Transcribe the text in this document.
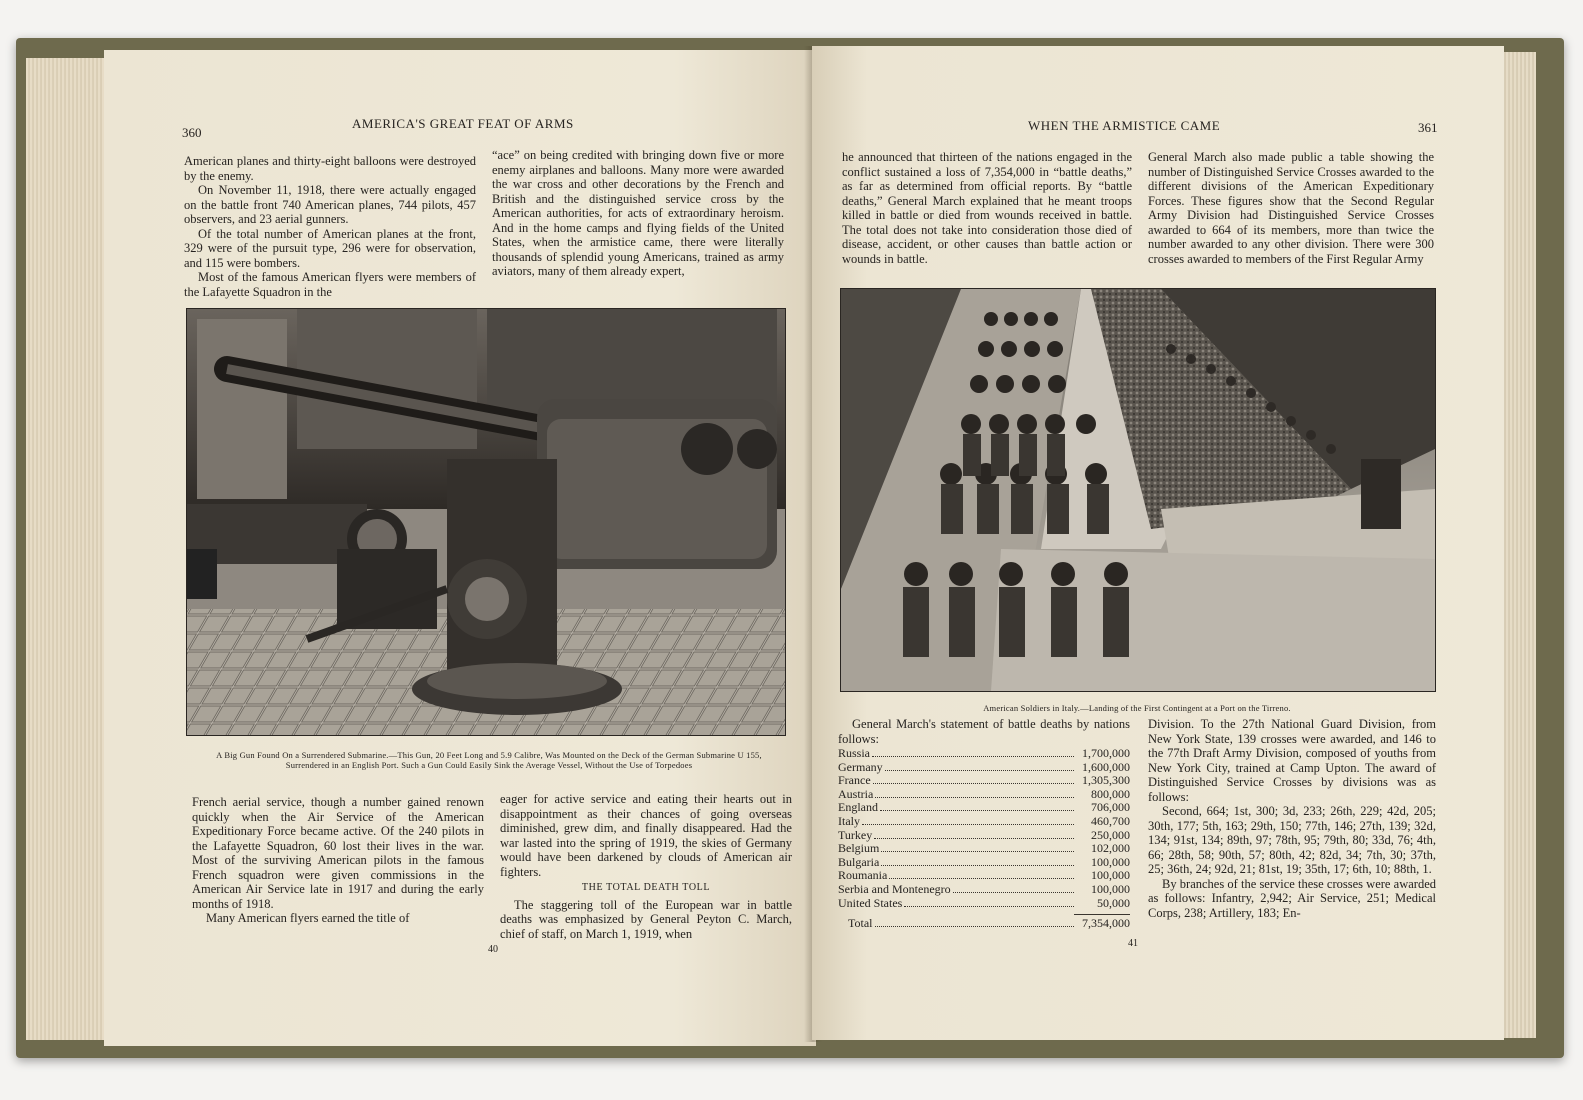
360
AMERICA'S GREAT FEAT OF ARMS

American planes and thirty-eight balloons were destroyed by the enemy.

On November 11, 1918, there were actually engaged on the battle front 740 American planes, 744 pilots, 457 observers, and 23 aerial gunners.

Of the total number of American planes at the front, 329 were of the pursuit type, 296 were for observation, and 115 were bombers.

Most of the famous American flyers were members of the Lafayette Squadron in the

“ace” on being credited with bringing down five or more enemy airplanes and balloons. Many more were awarded the war cross and other decorations by the French and British and the distinguished service cross by the American authorities, for acts of extraordinary heroism. And in the home camps and flying fields of the United States, when the armistice came, there were literally thousands of splendid young Americans, trained as army aviators, many of them already expert,

A Big Gun Found On a Surrendered Submarine.—This Gun, 20 Feet Long and 5.9 Calibre, Was Mounted on the Deck of the German Submarine U 155, Surrendered in an English Port. Such a Gun Could Easily Sink the Average Vessel, Without the Use of Torpedoes

French aerial service, though a number gained renown quickly when the Air Service of the American Expeditionary Force became active. Of the 240 pilots in the Lafayette Squadron, 60 lost their lives in the war. Most of the surviving American pilots in the famous French squadron were given commissions in the American Air Service late in 1917 and during the early months of 1918.

Many American flyers earned the title of

eager for active service and eating their hearts out in disappointment as their chances of going overseas diminished, grew dim, and finally disappeared. Had the war lasted into the spring of 1919, the skies of Germany would have been darkened by clouds of American air fighters.

THE TOTAL DEATH TOLL

The staggering toll of the European war in battle deaths was emphasized by General Peyton C. March, chief of staff, on March 1, 1919, when

40
WHEN THE ARMISTICE CAME	361
he announced that thirteen of the nations engaged in the conflict sustained a loss of 7,354,000 in “battle deaths,” as far as determined from official reports. By “battle deaths,” General March explained that he meant troops killed in battle or died from wounds received in battle. The total does not take into consideration those died of disease, accident, or other causes than battle action or wounds in battle.
General March also made public a table showing the number of Distinguished Service Crosses awarded to the different divisions of the American Expeditionary Forces. These figures show that the Second Regular Army Division had Distinguished Service Crosses awarded to 664 of its members, more than twice the number awarded to any other division. There were 300 crosses awarded to members of the First Regular Army
American Soldiers in Italy.—Landing of the First Contingent at a Port on the Tirreno.

General March's statement of battle deaths by nations follows:

Russia	1,700,000
Germany	1,600,000
France	1,305,300
Austria	800,000
England	706,000
Italy	460,700
Turkey	250,000
Belgium	102,000
Bulgaria	100,000
Roumania	100,000
Serbia and Montenegro	100,000
United States	50,000
Total	7,354,000

Division. To the 27th National Guard Division, from New York State, 139 crosses were awarded, and 146 to the 77th Draft Army Division, composed of youths from New York City, trained at Camp Upton. The award of Distinguished Service Crosses by divisions was as follows:

Second, 664; 1st, 300; 3d, 233; 26th, 229; 42d, 205; 30th, 177; 5th, 163; 29th, 150; 77th, 146; 27th, 139; 32d, 134; 91st, 134; 89th, 97; 78th, 95; 79th, 80; 33d, 76; 4th, 66; 28th, 58; 90th, 57; 80th, 42; 82d, 34; 7th, 30; 37th, 25; 36th, 24; 92d, 21; 81st, 19; 35th, 17; 6th, 10; 88th, 1.

By branches of the service these crosses were awarded as follows: Infantry, 2,942; Air Service, 251; Medical Corps, 238; Artillery, 183; En-

41
